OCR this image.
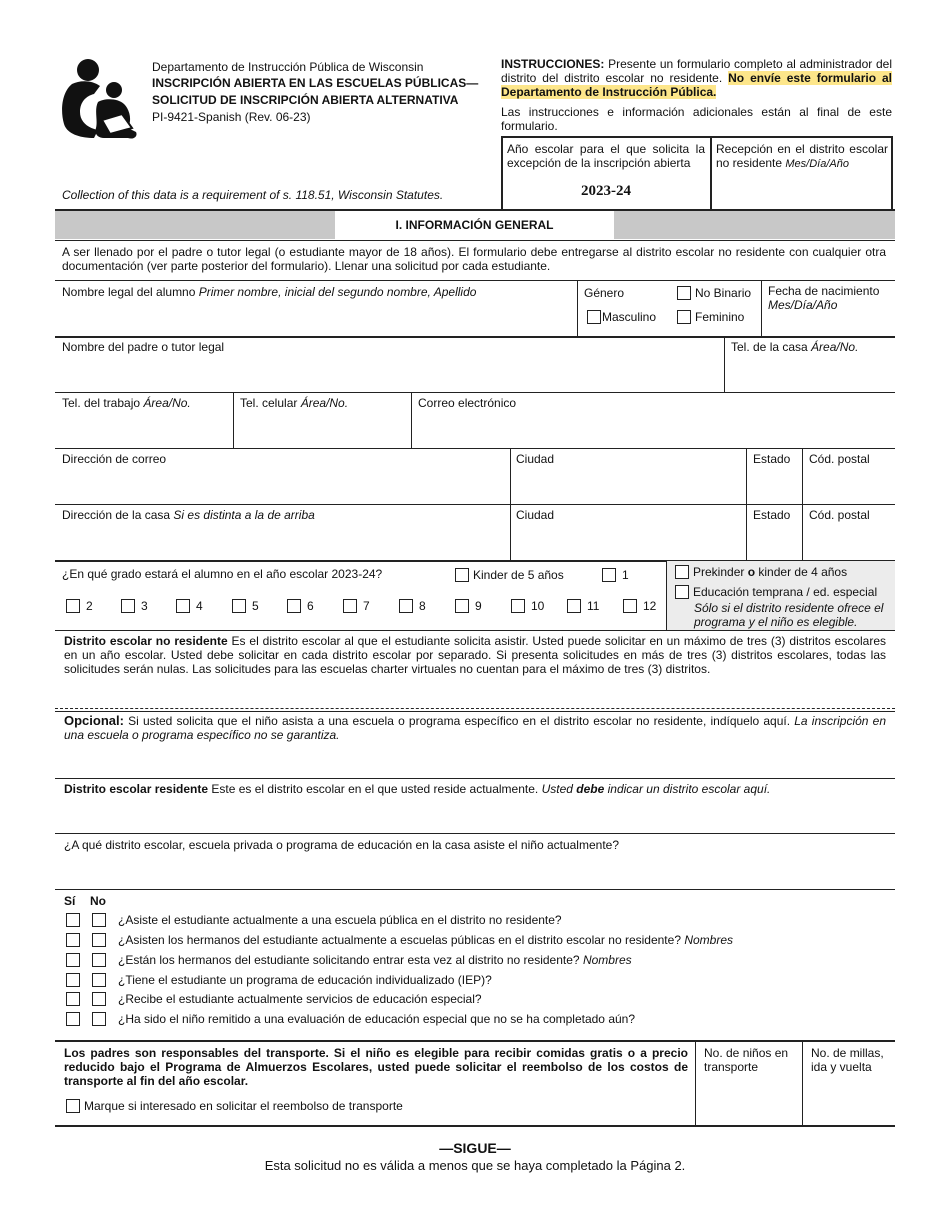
Departamento de Instrucción Pública de Wisconsin
INSCRIPCIÓN ABIERTA EN LAS ESCUELAS PÚBLICAS—
SOLICITUD DE INSCRIPCIÓN ABIERTA ALTERNATIVA
PI-9421-Spanish (Rev. 06-23)
INSTRUCCIONES: Presente un formulario completo al administrador del distrito del distrito escolar no residente. No envíe este formulario al Departamento de Instrucción Pública.
Las instrucciones e información adicionales están al final de este formulario.
Año escolar para el que solicita la excepción de la inscripción abierta
2023-24
Recepción en el distrito escolar no residente Mes/Día/Año
Collection of this data is a requirement of s. 118.51, Wisconsin Statutes.
I. INFORMACIÓN GENERAL
A ser llenado por el padre o tutor legal (o estudiante mayor de 18 años). El formulario debe entregarse al distrito escolar no residente con cualquier otra documentación (ver parte posterior del formulario). Llenar una solicitud por cada estudiante.
Nombre legal del alumno Primer nombre, inicial del segundo nombre, Apellido	Género	No Binario
Masculino	Feminino
Fecha de nacimiento
Mes/Día/Año
Nombre del padre o tutor legal	Tel. de la casa Área/No.
Tel. del trabajo Área/No.	Tel. celular Área/No.	Correo electrónico
Dirección de correo	Ciudad	Estado Cód. postal
Dirección de la casa Si es distinta a la de arriba	Ciudad	Estado Cód. postal
¿En qué grado estará el alumno en el año escolar 2023-24?	Kinder de 5 años	1
2	3	4	5	6	7	8	9	10	11	12
Prekinder o kinder de 4 años
Educación temprana / ed. especial
Sólo si el distrito residente ofrece el programa y el niño es elegible.
Distrito escolar no residente Es el distrito escolar al que el estudiante solicita asistir. Usted puede solicitar en un máximo de tres (3) distritos escolares en un año escolar. Usted debe solicitar en cada distrito escolar por separado. Si presenta solicitudes en más de tres (3) distritos escolares, todas las solicitudes serán nulas. Las solicitudes para las escuelas charter virtuales no cuentan para el máximo de tres (3) distritos.
Opcional: Si usted solicita que el niño asista a una escuela o programa específico en el distrito escolar no residente, indíquelo aquí. La inscripción en una escuela o programa específico no se garantiza.
Distrito escolar residente Este es el distrito escolar en el que usted reside actualmente. Usted debe indicar un distrito escolar aquí.
¿A qué distrito escolar, escuela privada o programa de educación en la casa asiste el niño actualmente?
Sí No
¿Asiste el estudiante actualmente a una escuela pública en el distrito no residente?
¿Asisten los hermanos del estudiante actualmente a escuelas públicas en el distrito escolar no residente? Nombres
¿Están los hermanos del estudiante solicitando entrar esta vez al distrito no residente? Nombres
¿Tiene el estudiante un programa de educación individualizado (IEP)?
¿Recibe el estudiante actualmente servicios de educación especial?
¿Ha sido el niño remitido a una evaluación de educación especial que no se ha completado aún?
Los padres son responsables del transporte. Si el niño es elegible para recibir comidas gratis o a precio reducido bajo el Programa de Almuerzos Escolares, usted puede solicitar el reembolso de los costos de transporte al fin del año escolar.
Marque si interesado en solicitar el reembolso de transporte
No. de niños en transporte
No. de millas, ida y vuelta
—SIGUE—
Esta solicitud no es válida a menos que se haya completado la Página 2.
